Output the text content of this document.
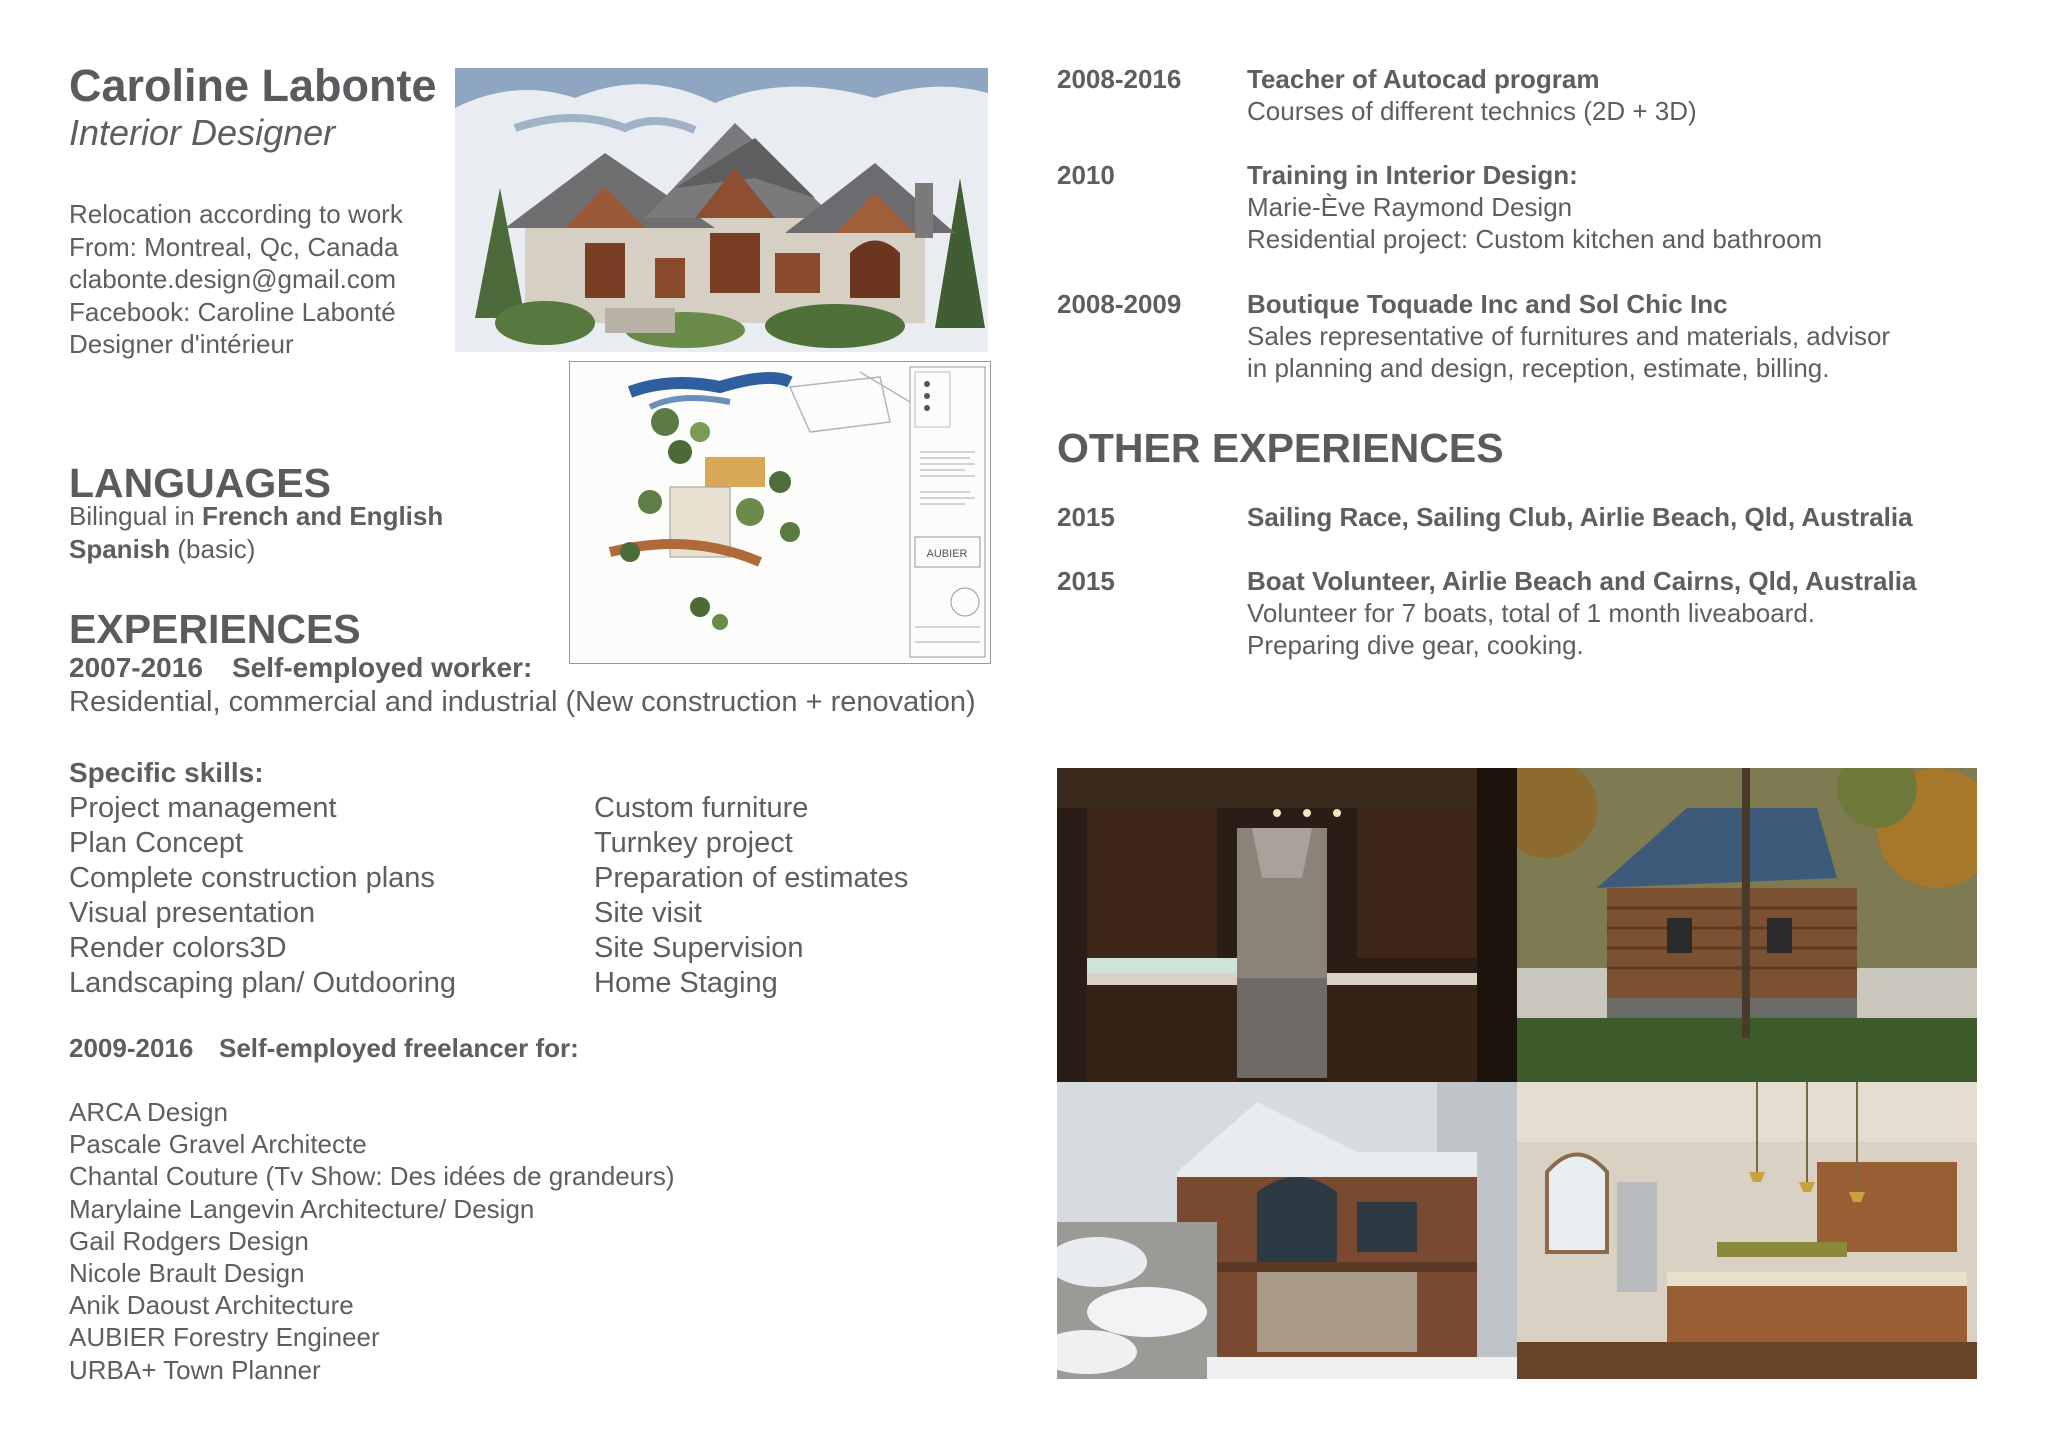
Caroline Labonte
Interior Designer
Relocation according to work
From: Montreal, Qc, Canada
clabonte.design@gmail.com
Facebook: Caroline Labonté
Designer d'intérieur
AUBIER
LANGUAGES
Bilingual in French and English
Spanish (basic)
EXPERIENCES
2007-2016 Self-employed worker:
Residential, commercial and industrial (New construction + renovation)
Specific skills:
Project management
Plan Concept
Complete construction plans
Visual presentation
Render colors3D
Landscaping plan/ Outdooring
Custom furniture
Turnkey project
Preparation of estimates
Site visit
Site Supervision
Home Staging
2009-2016 Self-employed freelancer for:
ARCA Design
Pascale Gravel Architecte
Chantal Couture (Tv Show: Des idées de grandeurs)
Marylaine Langevin Architecture/ Design
Gail Rodgers Design
Nicole Brault Design
Anik Daoust Architecture
AUBIER Forestry Engineer
URBA+ Town Planner
2008-2016	Teacher of Autocad program
Courses of different technics (2D + 3D)
2010	Training in Interior Design:
Marie-Ève Raymond Design
Residential project: Custom kitchen and bathroom
2008-2009	Boutique Toquade Inc and Sol Chic Inc
Sales representative of furnitures and materials, advisor
in planning and design, reception, estimate, billing.
OTHER EXPERIENCES
2015	Sailing Race, Sailing Club, Airlie Beach, Qld, Australia
2015	Boat Volunteer, Airlie Beach and Cairns, Qld, Australia
Volunteer for 7 boats, total of 1 month liveaboard.
Preparing dive gear, cooking.
